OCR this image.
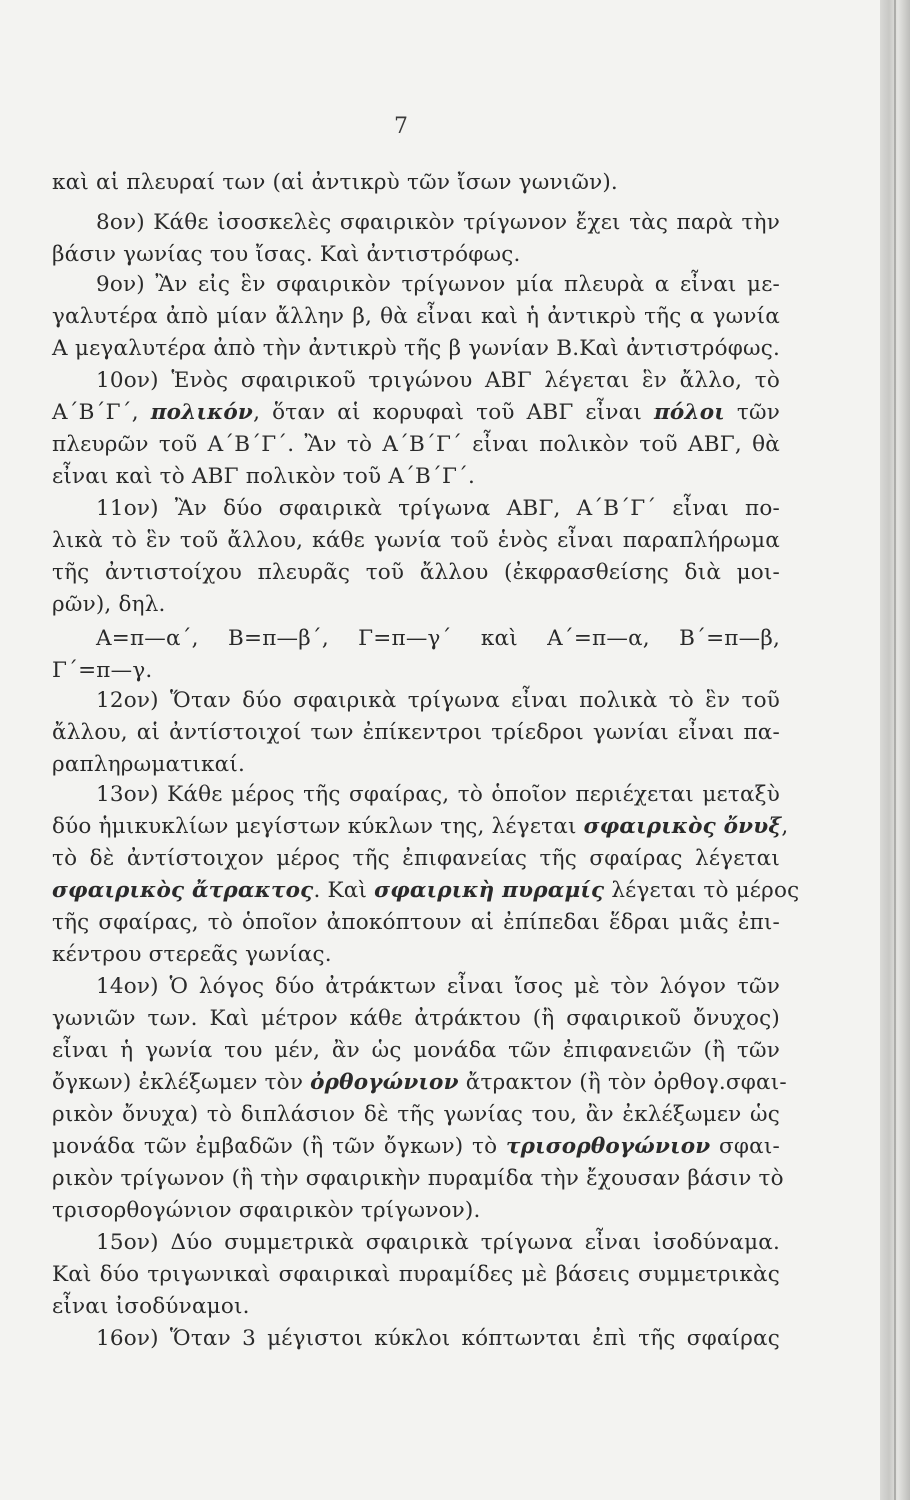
7
καὶ αἱ πλευραί των (αἱ ἀντικρὺ τῶν ἴσων γωνιῶν).
8ον) Κάθε ἰσοσκελὲς σφαιρικὸν τρίγωνον ἔχει τὰς παρὰ τὴν
βάσιν γωνίας του ἴσας. Καὶ ἀντιστρόφως.
9ον) Ἂν εἰς ἓν σφαιρικὸν τρίγωνον μία πλευρὰ α εἶναι με-
γαλυτέρα ἀπὸ μίαν ἄλλην β, θὰ εἶναι καὶ ἡ ἀντικρὺ τῆς α γωνία
Α μεγαλυτέρα ἀπὸ τὴν ἀντικρὺ τῆς β γωνίαν Β.Καὶ ἀντιστρόφως.
10ον) Ἑνὸς σφαιρικοῦ τριγώνου ΑΒΓ λέγεται ἓν ἄλλο, τὸ
Α΄Β΄Γ΄, πολικόν, ὅταν αἱ κορυφαὶ τοῦ ΑΒΓ εἶναι πόλοι τῶν
πλευρῶν τοῦ Α΄Β΄Γ΄. Ἂν τὸ Α΄Β΄Γ΄ εἶναι πολικὸν τοῦ ΑΒΓ, θὰ
εἶναι καὶ τὸ ΑΒΓ πολικὸν τοῦ Α΄Β΄Γ΄.
11ον) Ἂν δύο σφαιρικὰ τρίγωνα ΑΒΓ, Α΄Β΄Γ΄ εἶναι πο-
λικὰ τὸ ἓν τοῦ ἄλλου, κάθε γωνία τοῦ ἑνὸς εἶναι παραπλήρωμα
τῆς ἀντιστοίχου πλευρᾶς τοῦ ἄλλου (ἐκφρασθείσης διὰ μοι-
ρῶν), δηλ.
Α=π—α΄, Β=π—β΄, Γ=π—γ΄ καὶ Α΄=π—α, Β΄=π—β,
Γ΄=π—γ.
12ον) Ὅταν δύο σφαιρικὰ τρίγωνα εἶναι πολικὰ τὸ ἓν τοῦ
ἄλλου, αἱ ἀντίστοιχοί των ἐπίκεντροι τρίεδροι γωνίαι εἶναι πα-
ραπληρωματικαί.
13ον) Κάθε μέρος τῆς σφαίρας, τὸ ὁποῖον περιέχεται μεταξὺ
δύο ἡμικυκλίων μεγίστων κύκλων της, λέγεται σφαιρικὸς ὄνυξ,
τὸ δὲ ἀντίστοιχον μέρος τῆς ἐπιφανείας τῆς σφαίρας λέγεται
σφαιρικὸς ἄτρακτος. Καὶ σφαιρικὴ πυραμίς λέγεται τὸ μέρος
τῆς σφαίρας, τὸ ὁποῖον ἀποκόπτουν αἱ ἐπίπεδαι ἕδραι μιᾶς ἐπι-
κέντρου στερεᾶς γωνίας.
14ον) Ὁ λόγος δύο ἀτράκτων εἶναι ἴσος μὲ τὸν λόγον τῶν
γωνιῶν των. Καὶ μέτρον κάθε ἀτράκτου (ἢ σφαιρικοῦ ὄνυχος)
εἶναι ἡ γωνία του μέν, ἂν ὡς μονάδα τῶν ἐπιφανειῶν (ἢ τῶν
ὄγκων) ἐκλέξωμεν τὸν ὀρθογώνιον ἄτρακτον (ἢ τὸν ὀρθογ.σφαι-
ρικὸν ὄνυχα) τὸ διπλάσιον δὲ τῆς γωνίας του, ἂν ἐκλέξωμεν ὡς
μονάδα τῶν ἐμβαδῶν (ἢ τῶν ὄγκων) τὸ τρισορθογώνιον σφαι-
ρικὸν τρίγωνον (ἢ τὴν σφαιρικὴν πυραμίδα τὴν ἔχουσαν βάσιν τὸ
τρισορθογώνιον σφαιρικὸν τρίγωνον).
15ον) Δύο συμμετρικὰ σφαιρικὰ τρίγωνα εἶναι ἰσοδύναμα.
Καὶ δύο τριγωνικαὶ σφαιρικαὶ πυραμίδες μὲ βάσεις συμμετρικὰς
εἶναι ἰσοδύναμοι.
16ον) Ὅταν 3 μέγιστοι κύκλοι κόπτωνται ἐπὶ τῆς σφαίρας
